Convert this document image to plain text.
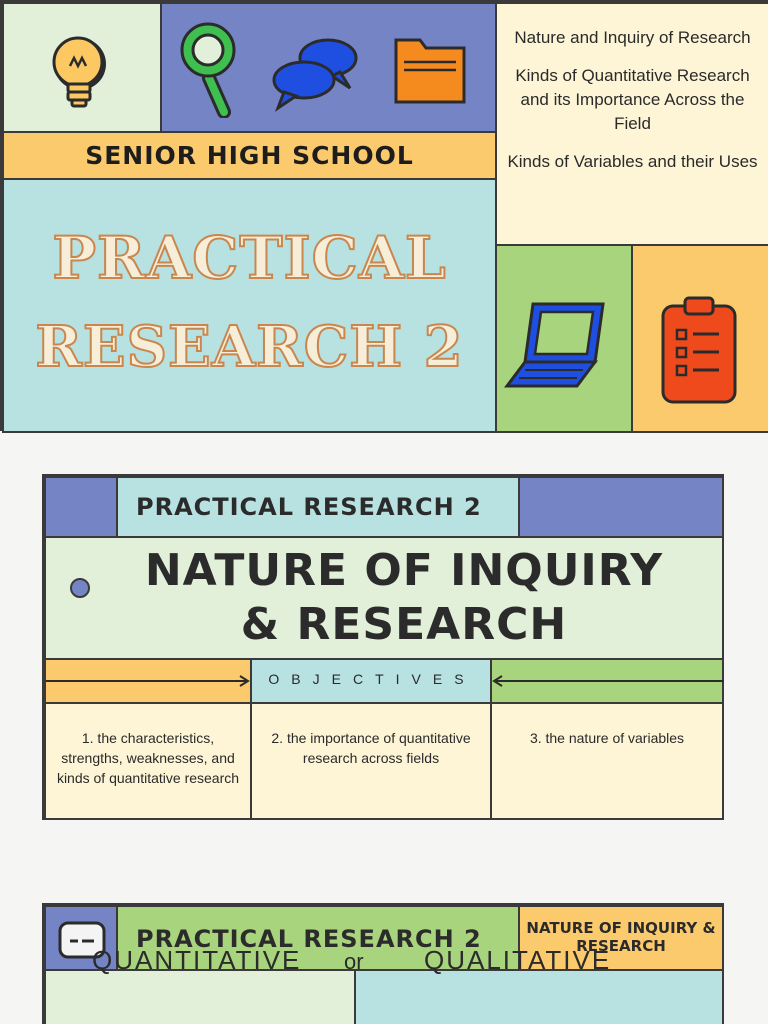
Nature and Inquiry of Research

Kinds of Quantitative Research and its Importance Across the Field

Kinds of Variables and their Uses

SENIOR HIGH SCHOOL
PRACTICAL
RESEARCH 2
PRACTICAL RESEARCH 2
NATURE OF INQUIRY
& RESEARCH
OBJECTIVES
1. the characteristics, strengths, weaknesses, and kinds of quantitative research
2. the importance of quantitative research across fields
3. the nature of variables
PRACTICAL RESEARCH 2	NATURE OF INQUIRY & RESEARCH
QUANTITATIVE or QUALITATIVE
